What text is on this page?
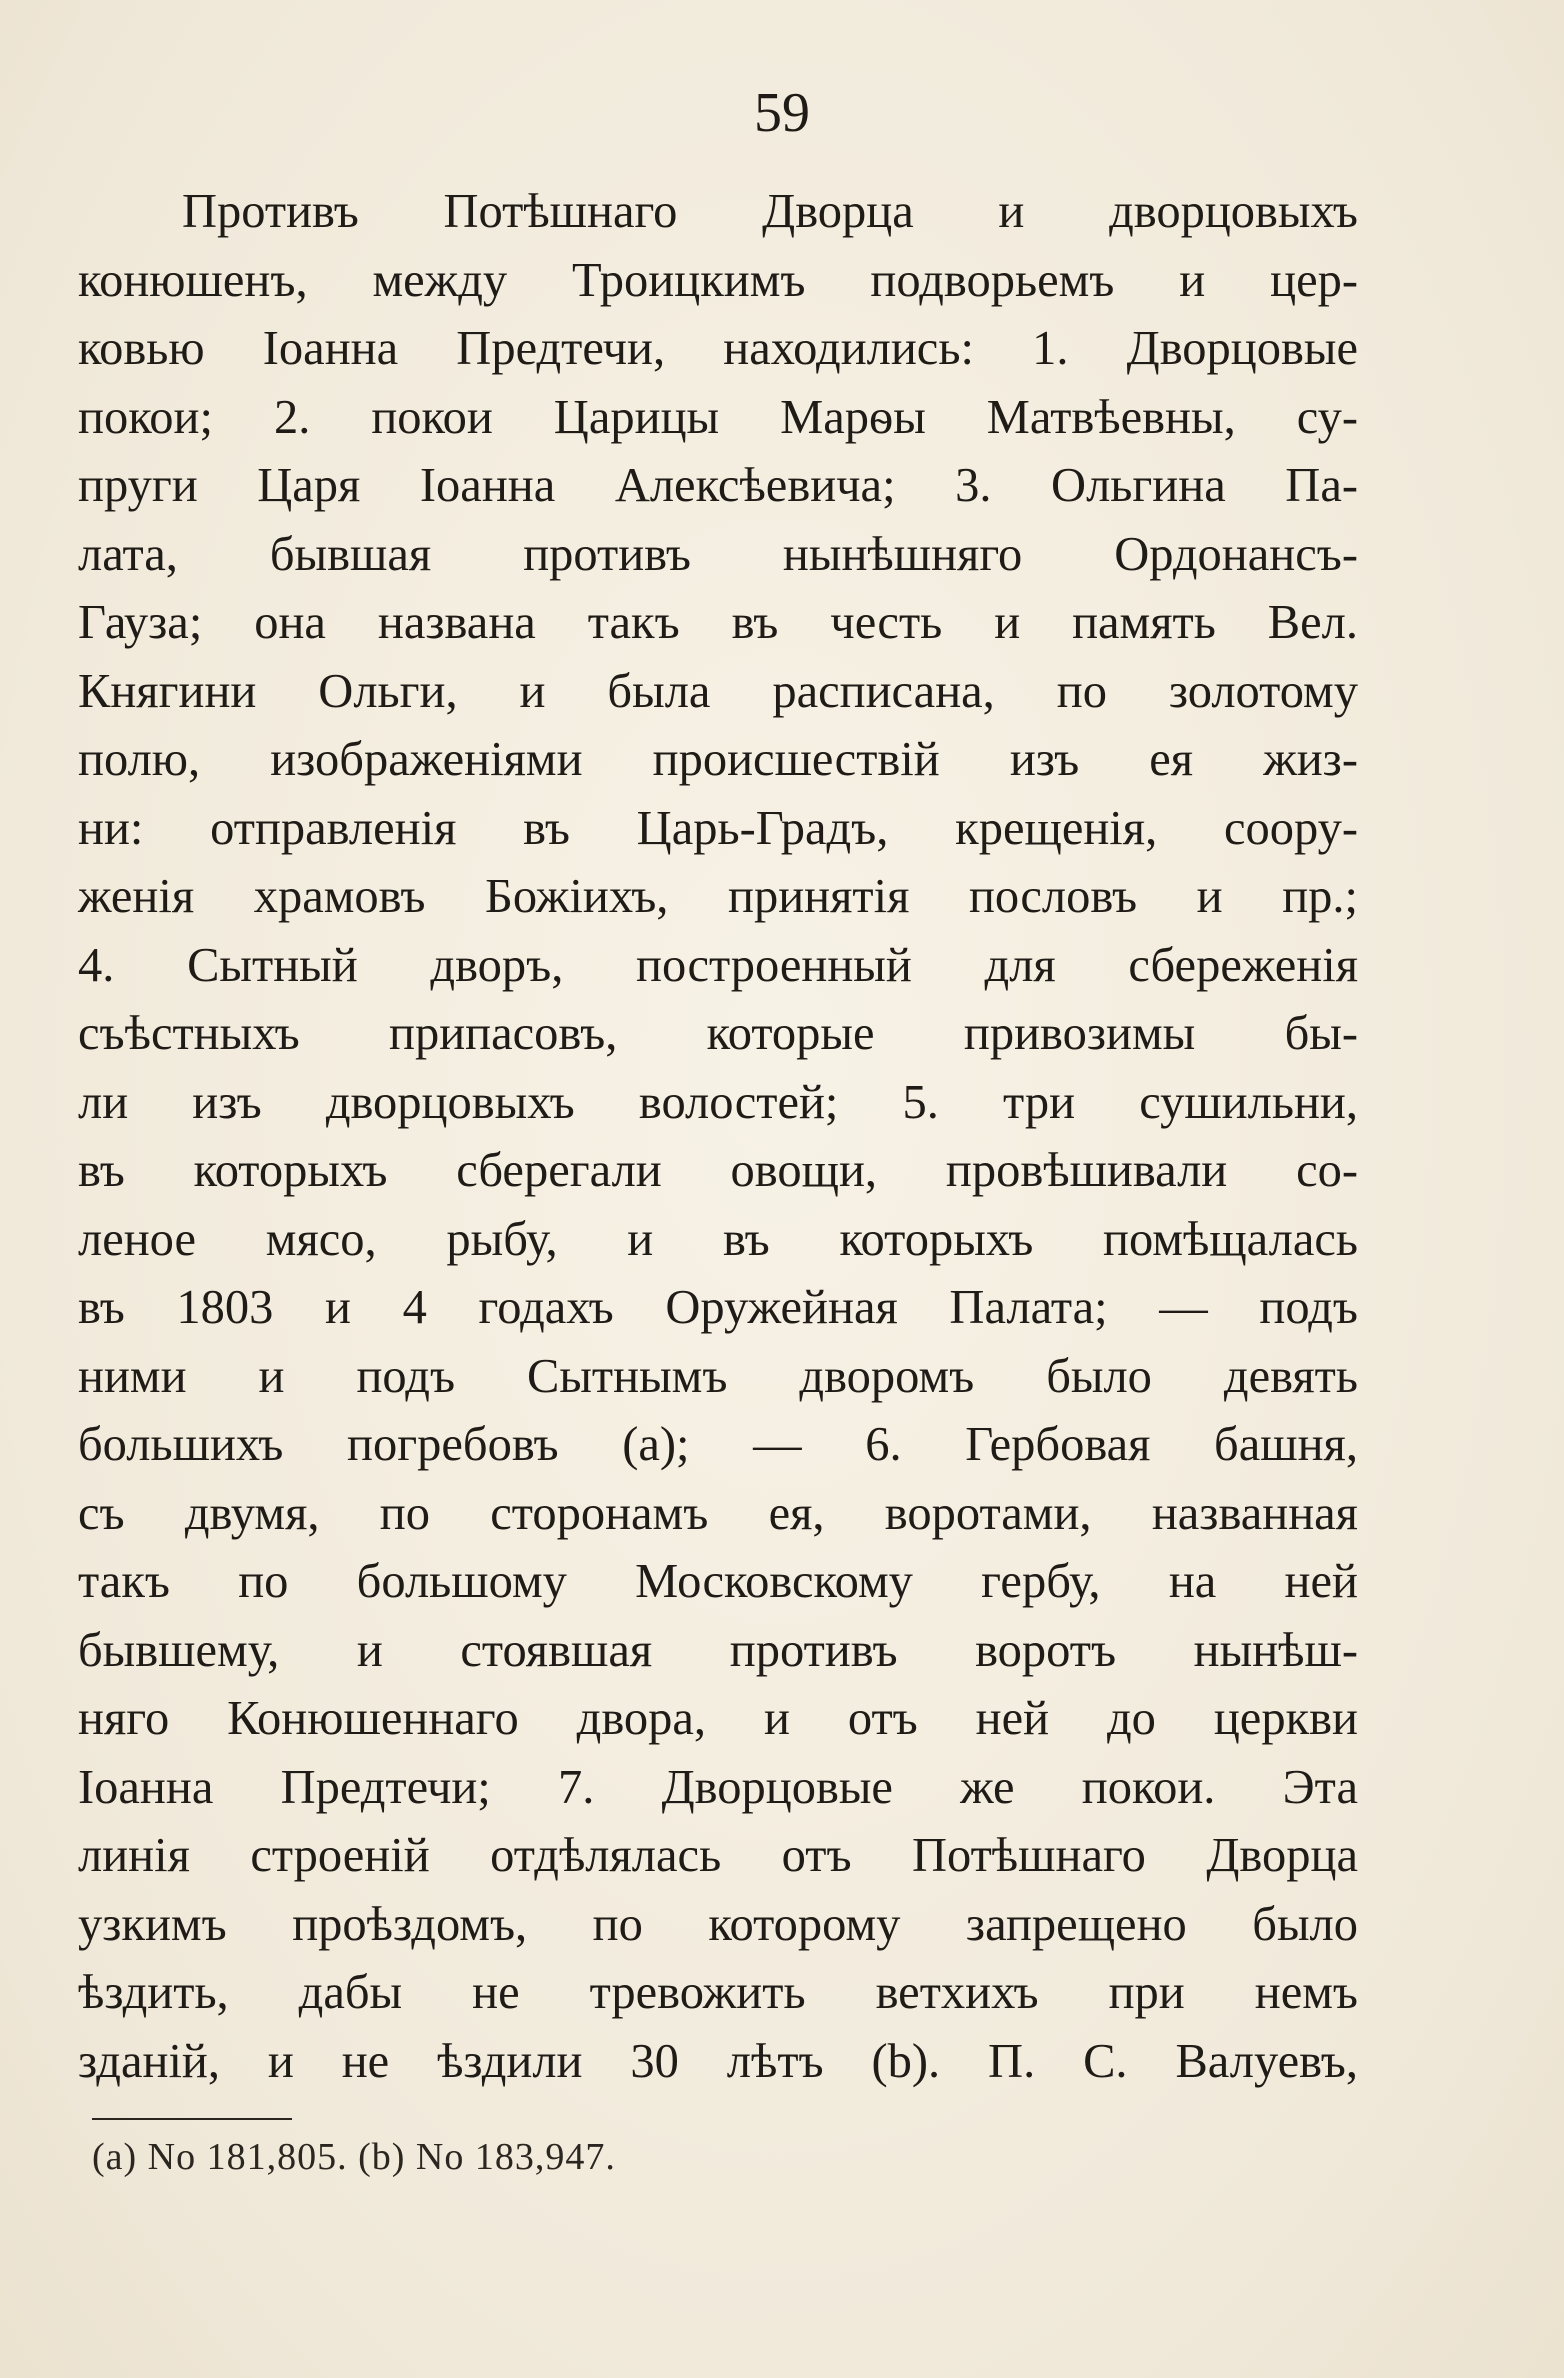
59
Противъ Потѣшнаго Дворца и дворцовыхъ
конюшенъ, между Троицкимъ подворьемъ и цер-
ковью Іоанна Предтечи, находились: 1. Дворцовые
покои; 2. покои Царицы Марѳы Матвѣевны, су-
пруги Царя Іоанна Алексѣевича; 3. Ольгина Па-
лата, бывшая противъ нынѣшняго Ордонансъ-
Гауза; она названа такъ въ честь и память Вел.
Княгини Ольги, и была расписана, по золотому
полю, изображеніями происшествій изъ ея жиз-
ни: отправленія въ Царь-Градъ, крещенія, соору-
женія храмовъ Божіихъ, принятія пословъ и пр.;
4. Сытный дворъ, построенный для сбереженія
съѣстныхъ припасовъ, которые привозимы бы-
ли изъ дворцовыхъ волостей; 5. три сушильни,
въ которыхъ сберегали овощи, провѣшивали со-
леное мясо, рыбу, и въ которыхъ помѣщалась
въ 1803 и 4 годахъ Оружейная Палата; — подъ
ними и подъ Сытнымъ дворомъ было девять
большихъ погребовъ (a); — 6. Гербовая башня,
съ двумя, по сторонамъ ея, воротами, названная
такъ по большому Московскому гербу, на ней
бывшему, и стоявшая противъ воротъ нынѣш-
няго Конюшеннаго двора, и отъ ней до церкви
Іоанна Предтечи; 7. Дворцовые же покои. Эта
линія строеній отдѣлялась отъ Потѣшнаго Дворца
узкимъ проѣздомъ, по которому запрещено было
ѣздить, дабы не тревожить ветхихъ при немъ
зданій, и не ѣздили 30 лѣтъ (b). П. С. Валуевъ,
(a) No 181,805. (b) No 183,947.
